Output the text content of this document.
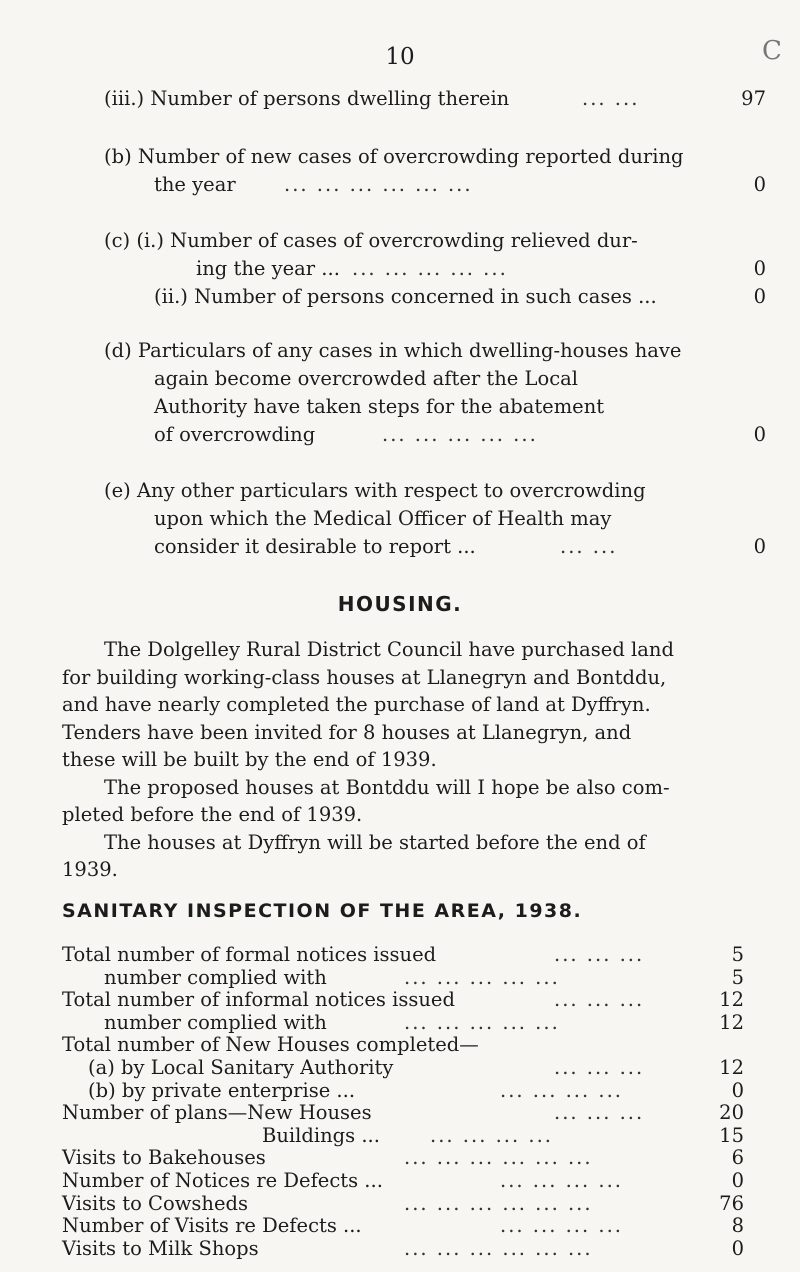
10	C
(iii.) Number of persons dwelling therein	... ...	97
(b) Number of new cases of overcrowding reported during
the year ... ... ... ... ... ...	0
(c) (i.) Number of cases of overcrowding relieved dur-
ing the year ... ... ... ... ... ...	0
(ii.) Number of persons concerned in such cases ...	0
(d) Particulars of any cases in which dwelling-houses have
again become overcrowded after the Local
Authority have taken steps for the abatement
of overcrowding	... ... ... ... ...	0
(e) Any other particulars with respect to overcrowding
upon which the Medical Officer of Health may
consider it desirable to report ...	... ...	0
HOUSING.
The Dolgelley Rural District Council have purchased land
for building working-class houses at Llanegryn and Bontddu,
and have nearly completed the purchase of land at Dyffryn.
Tenders have been invited for 8 houses at Llanegryn, and
these will be built by the end of 1939.
The proposed houses at Bontddu will I hope be also com-
pleted before the end of 1939.
The houses at Dyffryn will be started before the end of
1939.
SANITARY INSPECTION OF THE AREA, 1938.
Total number of formal notices issued	... ... ...	5
number complied with	... ... ... ... ...	5
Total number of informal notices issued	... ... ...	12
number complied with	... ... ... ... ...	12
Total number of New Houses completed—
(a) by Local Sanitary Authority	... ... ...	12
(b) by private enterprise ...	... ... ... ...	0
Number of plans—New Houses	... ... ...	20
Buildings ...	... ... ... ...	15
Visits to Bakehouses	... ... ... ... ... ...	6
Number of Notices re Defects ...	... ... ... ...	0
Visits to Cowsheds	... ... ... ... ... ...	76
Number of Visits re Defects ...	... ... ... ...	8
Visits to Milk Shops	... ... ... ... ... ...	0
